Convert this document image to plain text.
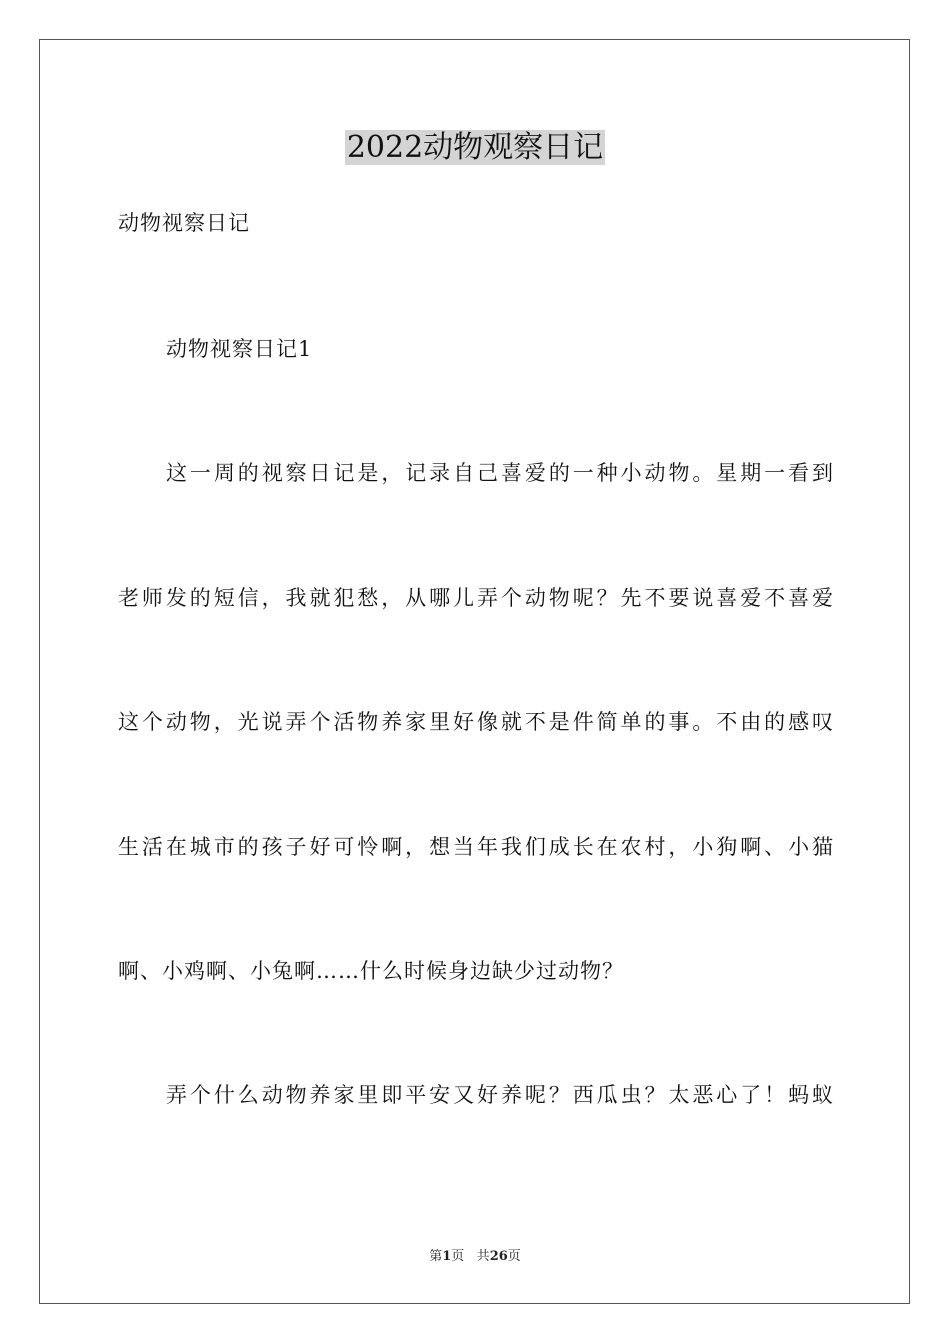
2022动物观察日记
动物视察日记
动物视察日记1
这一周的视察日记是，记录自己喜爱的一种小动物。星期一看到
老师发的短信，我就犯愁，从哪儿弄个动物呢？先不要说喜爱不喜爱
这个动物，光说弄个活物养家里好像就不是件简单的事。不由的感叹
生活在城市的孩子好可怜啊，想当年我们成长在农村，小狗啊、小猫
啊、小鸡啊、小兔啊……什么时候身边缺少过动物？
弄个什么动物养家里即平安又好养呢？西瓜虫？太恶心了！蚂蚁
第1页 共26页
